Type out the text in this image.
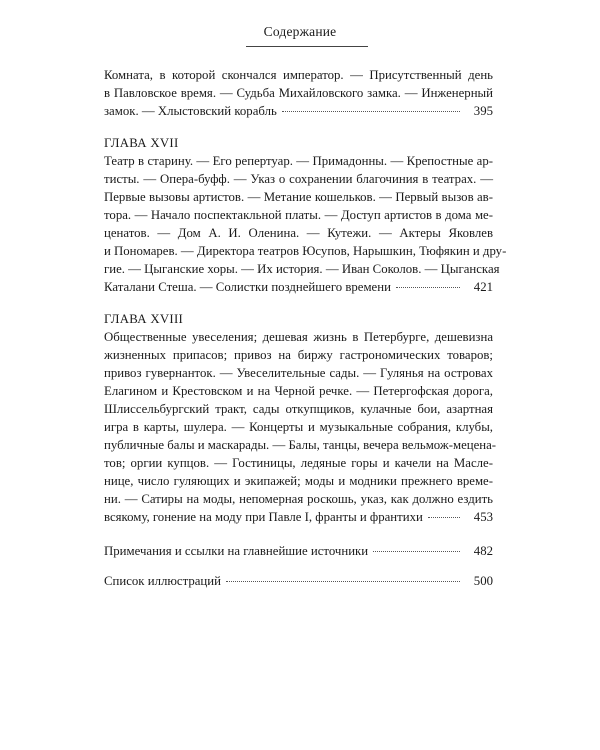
Содержание
Комната, в которой скончался император. — Присутственный день
в Павловское время. — Судьба Михайловского замка. — Инженерный
замок. — Хлыстовский корабль	395
ГЛАВА XVII
Театр в старину. — Его репертуар. — Примадонны. — Крепостные ар-
тисты. — Опера-буфф. — Указ о сохранении благочиния в театрах. —
Первые вызовы артистов. — Метание кошельков. — Первый вызов ав-
тора. — Начало поспектакльной платы. — Доступ артистов в дома ме-
ценатов. — Дом А. И. Оленина. — Кутежи. — Актеры Яковлев
и Пономарев. — Директора театров Юсупов, Нарышкин, Тюфякин и дру-
гие. — Цыганские хоры. — Их история. — Иван Соколов. — Цыганская
Каталани Стеша. — Солистки позднейшего времени	421
ГЛАВА XVIII
Общественные увеселения; дешевая жизнь в Петербурге, дешевизна
жизненных припасов; привоз на биржу гастрономических товаров;
привоз гувернанток. — Увеселительные сады. — Гулянья на островах
Елагином и Крестовском и на Черной речке. — Петергофская дорога,
Шлиссельбургский тракт, сады откупщиков, кулачные бои, азартная
игра в карты, шулера. — Концерты и музыкальные собрания, клубы,
публичные балы и маскарады. — Балы, танцы, вечера вельмож-мецена-
тов; оргии купцов. — Гостиницы, ледяные горы и качели на Масле-
нице, число гуляющих и экипажей; моды и модники прежнего време-
ни. — Сатиры на моды, непомерная роскошь, указ, как должно ездить
всякому, гонение на моду при Павле I, франты и франтихи	453
Примечания и ссылки на главнейшие источники	482
Список иллюстраций	500
